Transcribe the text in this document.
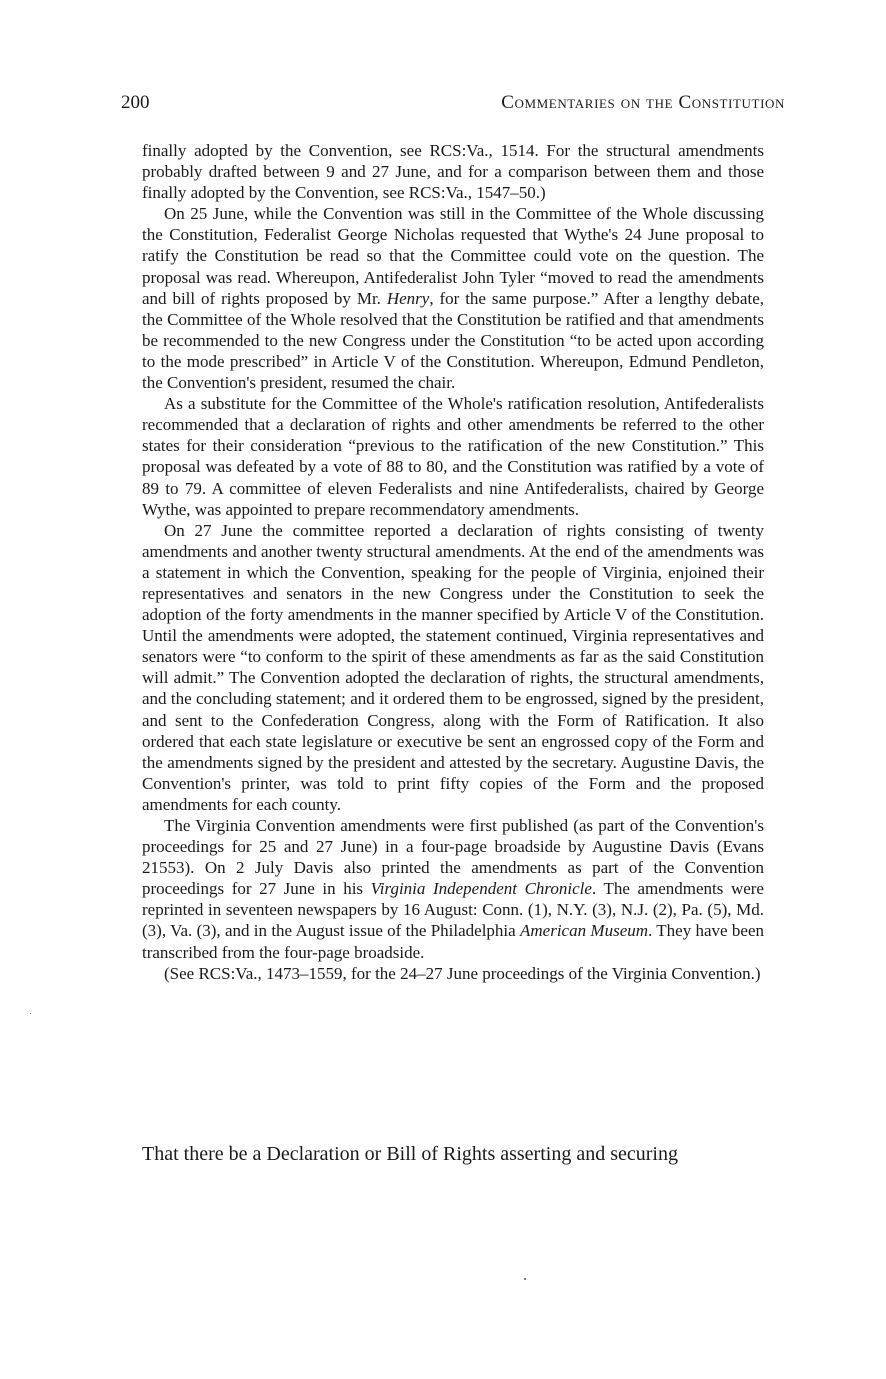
200	Commentaries on the Constitution

finally adopted by the Convention, see RCS:Va., 1514. For the structural amendments probably drafted between 9 and 27 June, and for a comparison between them and those finally adopted by the Convention, see RCS:Va., 1547–50.)

On 25 June, while the Convention was still in the Committee of the Whole discussing the Constitution, Federalist George Nicholas requested that Wythe's 24 June proposal to ratify the Constitution be read so that the Committee could vote on the question. The proposal was read. Whereupon, Antifederalist John Tyler “moved to read the amendments and bill of rights proposed by Mr. Henry, for the same purpose.” After a lengthy debate, the Committee of the Whole resolved that the Constitution be ratified and that amendments be recommended to the new Congress under the Constitution “to be acted upon according to the mode prescribed” in Article V of the Constitution. Whereupon, Edmund Pendleton, the Convention's president, resumed the chair.

As a substitute for the Committee of the Whole's ratification resolution, Antifederalists recommended that a declaration of rights and other amendments be referred to the other states for their consideration “previous to the ratification of the new Constitution.” This proposal was defeated by a vote of 88 to 80, and the Constitution was ratified by a vote of 89 to 79. A committee of eleven Federalists and nine Antifederalists, chaired by George Wythe, was appointed to prepare recommendatory amendments.

On 27 June the committee reported a declaration of rights consisting of twenty amendments and another twenty structural amendments. At the end of the amendments was a statement in which the Convention, speaking for the people of Virginia, enjoined their representatives and senators in the new Congress under the Constitution to seek the adoption of the forty amendments in the manner specified by Article V of the Constitution. Until the amendments were adopted, the statement continued, Virginia representatives and senators were “to conform to the spirit of these amendments as far as the said Constitution will admit.” The Convention adopted the declaration of rights, the structural amendments, and the concluding statement; and it ordered them to be engrossed, signed by the president, and sent to the Confederation Congress, along with the Form of Ratification. It also ordered that each state legislature or executive be sent an engrossed copy of the Form and the amendments signed by the president and attested by the secretary. Augustine Davis, the Convention's printer, was told to print fifty copies of the Form and the proposed amendments for each county.

The Virginia Convention amendments were first published (as part of the Convention's proceedings for 25 and 27 June) in a four-page broadside by Augustine Davis (Evans 21553). On 2 July Davis also printed the amendments as part of the Convention proceedings for 27 June in his Virginia Independent Chronicle. The amendments were reprinted in seventeen newspapers by 16 August: Conn. (1), N.Y. (3), N.J. (2), Pa. (5), Md. (3), Va. (3), and in the August issue of the Philadelphia American Museum. They have been transcribed from the four-page broadside.

(See RCS:Va., 1473–1559, for the 24–27 June proceedings of the Virginia Convention.)

That there be a Declaration or Bill of Rights asserting and securing
